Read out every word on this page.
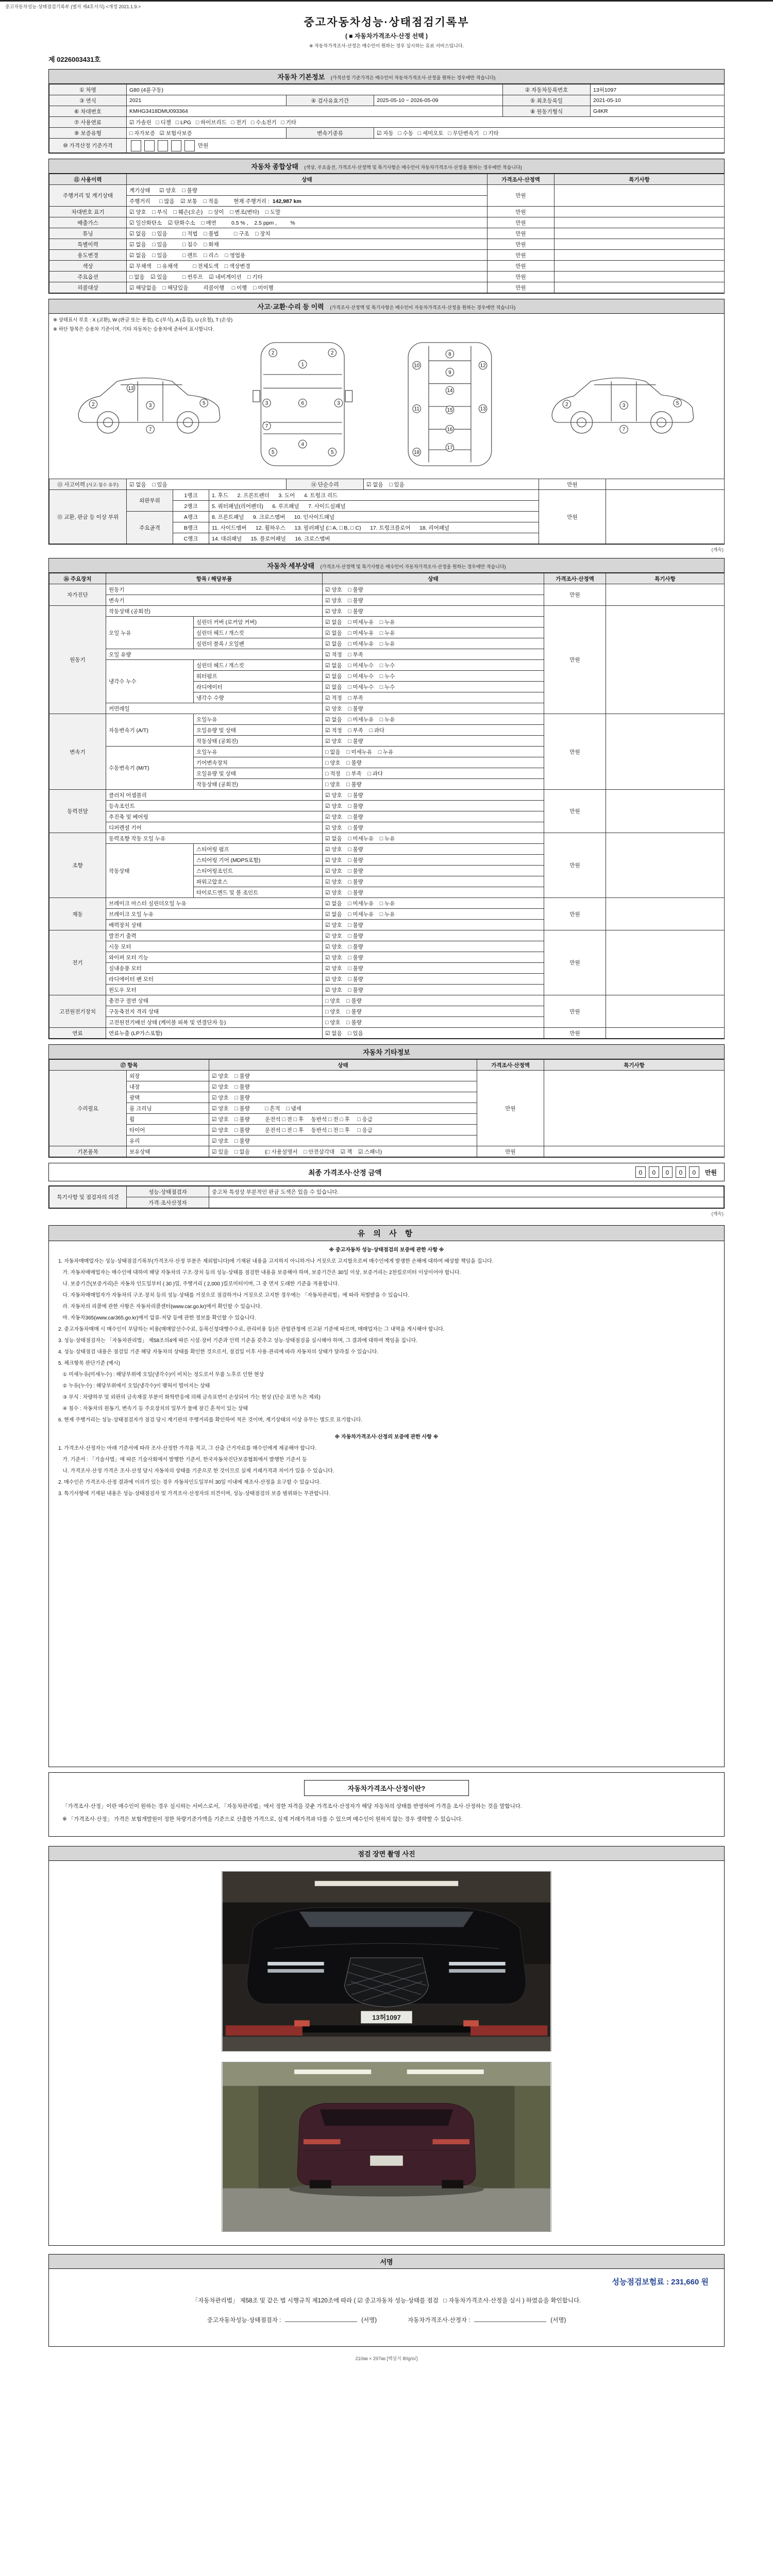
중고자동차성능·상태점검기록부 (별지 제4호서식) <개정 2021.1.9.>
중고자동차성능·상태점검기록부
( ■ 자동차가격조사·산정 선택 )
※ 자동차가격조사·산정은 매수인이 원하는 경우 실시하는 유료 서비스입니다.
제 0226003431호
자동차 기본정보 (가격산정 기준가격은 매수인이 자동차가격조사·산정을 원하는 경우에만 적습니다)
① 차명	G80 (4륜구동)			② 자동차등록번호	13허1097
③ 연식	2021	④ 검사유효기간	2025-05-10 ~ 2026-05-09	⑤ 최초등록일	2021-05-10
⑥ 차대번호	KMHG3418DMU093364			⑧ 원동기형식	G4KR
⑦ 사용연료	☑ 가솔린   □ 디젤   □ LPG   □ 하이브리드   □ 전기   □ 수소전기   □ 기타				
⑨ 보증유형	□ 자가보증   ☑ 보험사보증	변속기종류	☑ 자동   □ 수동   □ 세미오토   □ 무단변속기   □ 기타		
⑩ 가격산정 기준가격	만원				
자동차 종합상태 (색상, 주요옵션, 가격조사·산정액 및 특기사항은 매수인이 자동차가격조사·산정을 원하는 경우에만 적습니다)
⑪ 사용이력	상태	가격조사·산정액	특기사항
주행거리 및 계기상태	계기상태      ☑ 양호    □ 불량	만원	
	주행거리      □ 많음    ☑ 보통    □ 적음          현재 주행거리 :  142,987 km		
차대번호 표기	☑ 양호    □ 부식    □ 훼손(오손)    □ 상이    □ 변조(변타)    □ 도말	만원	
배출가스	☑ 일산화탄소    ☑ 탄화수소    □ 매연          0.5 % ,    2.5 ppm ,         %	만원	
튜닝	☑ 없음    □ 있음          □ 적법    □ 불법          □ 구조    □ 장치	만원	
특별이력	☑ 없음    □ 있음          □ 침수    □ 화재	만원	
용도변경	☑ 없음    □ 있음          □ 렌트    □ 리스    □ 영업용	만원	
색상	☑ 무채색    □ 유채색          □ 전체도색    □ 색상변경	만원	
주요옵션	□ 없음    ☑ 있음          □ 썬루프    ☑ 네비게이션    □ 기타	만원	
리콜대상	☑ 해당없음    □ 해당있음          리콜이행     □ 이행    □ 미이행	만원	
사고·교환·수리 등 이력 (가격조사·산정액 및 특기사항은 매수인이 자동차가격조사·산정을 원하는 경우에만 적습니다)
※ 상태표시 부호 : X (교환), W (판금 또는 용접), C (부식), A (흠집), U (요철), T (손상)
※ 하단 항목은 승용차 기준이며, 기타 자동차는 승용차에 준하여 표시합니다.
2	3	5
7
13
1
2	2
3	3
6
4
5	5
7
8
9
10	12
11	13
14
15
16
17
18
2	3	5
7
⑬ 사고이력 (사고·침수 유무)	☑ 없음    □ 있음	⑭ 단순수리	☑ 없음    □ 있음	만원	
⑮ 교환, 판금 등 이상 부위	외판부위	1랭크	1. 후드      2. 프론트펜더      3. 도어      4. 트렁크 리드	만원	
		2랭크	5. 쿼터패널(리어펜더)      6. 루프패널      7. 사이드실패널		
	주요골격	A랭크	8. 프론트패널      9. 크로스멤버      10. 인사이드패널		
		B랭크	11. 사이드멤버      12. 휠하우스      13. 필러패널 (□ A, □ B, □ C)      17. 트렁크플로어      18. 리어패널		
		C랭크	14. 대쉬패널      15. 플로어패널      16. 크로스멤버		
(계속)
자동차 세부상태 (가격조사·산정액 및 특기사항은 매수인이 자동차가격조사·산정을 원하는 경우에만 적습니다)
⑯ 주요장치	항목 / 해당부품		상태	가격조사·산정액	특기사항
자가진단	원동기		☑ 양호    □ 불량	만원	
	변속기		☑ 양호    □ 불량		
원동기	작동상태 (공회전)		☑ 양호    □ 불량	만원	
	오일 누유	실린더 커버 (로커암 커버)	☑ 없음    □ 미세누유    □ 누유		
		실린더 헤드 / 개스킷	☑ 없음    □ 미세누유    □ 누유		
		실린더 블록 / 오일팬	☑ 없음    □ 미세누유    □ 누유		
	오일 유량		☑ 적정    □ 부족		
	냉각수 누수	실린더 헤드 / 개스킷	☑ 없음    □ 미세누수    □ 누수		
		워터펌프	☑ 없음    □ 미세누수    □ 누수		
		라디에이터	☑ 없음    □ 미세누수    □ 누수		
		냉각수 수량	☑ 적정    □ 부족		
	커먼레일		☑ 양호    □ 불량		
변속기	자동변속기 (A/T)	오일누유	☑ 없음    □ 미세누유    □ 누유	만원	
		오일유량 및 상태	☑ 적정    □ 부족    □ 과다		
		작동상태 (공회전)	☑ 양호    □ 불량		
	수동변속기 (M/T)	오일누유	□ 없음    □ 미세누유    □ 누유		
		기어변속장치	□ 양호    □ 불량		
		오일유량 및 상태	□ 적정    □ 부족    □ 과다		
		작동상태 (공회전)	□ 양호    □ 불량		
동력전달	클러치 어셈블리		☑ 양호    □ 불량	만원	
	등속조인트		☑ 양호    □ 불량		
	추진축 및 베어링		☑ 양호    □ 불량		
	디퍼렌셜 기어		☑ 양호    □ 불량		
조향	동력조향 작동 오일 누유		☑ 없음    □ 미세누유    □ 누유	만원	
	작동상태	스티어링 펌프	☑ 양호    □ 불량		
		스티어링 기어 (MDPS포함)	☑ 양호    □ 불량		
		스티어링조인트	☑ 양호    □ 불량		
		파워고압호스	☑ 양호    □ 불량		
		타이로드엔드 및 볼 조인트	☑ 양호    □ 불량		
제동	브레이크 마스터 실린더오일 누유		☑ 없음    □ 미세누유    □ 누유	만원	
	브레이크 오일 누유		☑ 없음    □ 미세누유    □ 누유		
	배력장치 상태		☑ 양호    □ 불량		
전기	발전기 출력		☑ 양호    □ 불량	만원	
	시동 모터		☑ 양호    □ 불량		
	와이퍼 모터 기능		☑ 양호    □ 불량		
	실내송풍 모터		☑ 양호    □ 불량		
	라디에이터 팬 모터		☑ 양호    □ 불량		
	윈도우 모터		☑ 양호    □ 불량		
고전원전기장치	충전구 절연 상태		□ 양호    □ 불량	만원	
	구동축전지 격리 상태		□ 양호    □ 불량		
	고전원전기배선 상태 (케이블 피복 및 연결단자 등)		□ 양호    □ 불량		
연료	연료누출 (LP가스포함)		☑ 없음    □ 있음	만원	
자동차 기타정보
⑰ 항목		상태	가격조사·산정액	특기사항
수리필요	외장	☑ 양호    □ 불량	만원	
	내장	☑ 양호    □ 불량		
	광택	☑ 양호    □ 불량		
	룸 크리닝	☑ 양호    □ 불량          □ 흔적    □ 냄새		
	휠	☑ 양호    □ 불량          운전석 □ 전 □ 후     동반석 □ 전 □ 후     □ 응급		
	타이어	☑ 양호    □ 불량          운전석 □ 전 □ 후     동반석 □ 전 □ 후     □ 응급		
	유리	☑ 양호    □ 불량		
기본품목	보유상태	☑ 있음    □ 없음          (□ 사용설명서    □ 안전삼각대    ☑ 잭    ☑ 스패너)	만원	
최종 가격조사·산정 금액	0	0	0	0	0	만원
특기사항 및 점검자의 의견	성능·상태점검자	중고차 특성상 부분적인 판금 도색은 있을 수 있습니다.
	가격·조사산정자	
(계속)
유 의 사 항

※ 중고자동차 성능·상태점검의 보증에 관한 사항 ※

1. 자동차매매업자는 성능·상태점검기록부(가격조사·산정 부분은 제외합니다)에 기재된 내용을 고지하지 아니하거나 거짓으로 고지함으로써 매수인에게 발생한 손해에 대하여 배상할 책임을 집니다.

가. 자동차매매업자는 매수인에 대하여 해당 자동차의 구조·장치 등의 성능·상태를 점검한 내용을 보증해야 하며, 보증기간은 30일 이상, 보증거리는 2천킬로미터 이상이어야 합니다.

나. 보증기간(보증거리)은 자동차 인도일부터 ( 30 )일, 주행거리 ( 2,000 )킬로미터이며, 그 중 먼저 도래한 기준을 적용합니다.

다. 자동차매매업자가 자동차의 구조·장치 등의 성능·상태를 거짓으로 점검하거나 거짓으로 고지한 경우에는 「자동차관리법」에 따라 처벌받을 수 있습니다.

라. 자동차의 리콜에 관한 사항은 자동차리콜센터(www.car.go.kr)에서 확인할 수 있습니다.

마. 자동차365(www.car365.go.kr)에서 압류·저당 등에 관한 정보를 확인할 수 있습니다.

2. 중고자동차매매 시 매수인이 부담하는 비용(매매알선수수료, 등록신청대행수수료, 관리비용 등)은 관할관청에 신고된 기준에 따르며, 매매업자는 그 내역을 게시해야 합니다.

3. 성능·상태점검자는 「자동차관리법」 제58조의4에 따른 시설·장비 기준과 인력 기준을 갖추고 성능·상태점검을 실시해야 하며, 그 결과에 대하여 책임을 집니다.

4. 성능·상태점검 내용은 점검일 기준 해당 자동차의 상태를 확인한 것으로서, 점검일 이후 사용·관리에 따라 자동차의 상태가 달라질 수 있습니다.

5. 체크항목 판단기준 (예시)

① 미세누유(미세누수) : 해당부위에 오일(냉각수)이 비치는 정도로서 부품 노후로 인한 현상

② 누유(누수) : 해당부위에서 오일(냉각수)이 맺혀서 떨어지는 상태

③ 부식 : 차량하부 및 외판의 금속재질 부분이 화학반응에 의해 금속표면이 손상되어 가는 현상 (단순 표면 녹은 제외)

④ 침수 : 자동차의 원동기, 변속기 등 주요장치의 일부가 물에 잠긴 흔적이 있는 상태

6. 현재 주행거리는 성능·상태점검자가 점검 당시 계기판의 주행거리를 확인하여 적은 것이며, 계기상태의 이상 유무는 별도로 표기합니다.

※ 자동차가격조사·산정의 보증에 관한 사항 ※

1. 가격조사·산정자는 아래 기준서에 따라 조사·산정한 가격을 적고, 그 산출 근거자료를 매수인에게 제공해야 합니다.

가. 기준서 : 「기술사법」에 따른 기술사회에서 발행한 기준서, 한국자동차진단보증협회에서 발행한 기준서 등

나. 가격조사·산정 가격은 조사·산정 당시 자동차의 상태를 기준으로 한 것이므로 실제 거래가격과 차이가 있을 수 있습니다.

2. 매수인은 가격조사·산정 결과에 이의가 있는 경우 자동차인도일부터 30일 이내에 재조사·산정을 요구할 수 있습니다.

3. 특기사항에 기재된 내용은 성능·상태점검자 및 가격조사·산정자의 의견이며, 성능·상태점검의 보증 범위와는 무관합니다.

자동차가격조사·산정이란?

「가격조사·산정」이란 매수인이 원하는 경우 실시하는 서비스로서, 「자동차관리법」에서 정한 자격을 갖춘 가격조사·산정자가 해당 자동차의 상태를 반영하여 가격을 조사·산정하는 것을 말합니다.

※ 「가격조사·산정」 가격은 보험개발원이 정한 차량기준가액을 기준으로 산출한 가격으로, 실제 거래가격과 다를 수 있으며 매수인이 원하지 않는 경우 생략할 수 있습니다.

점검 장면 촬영 사진
13허1097
서명
성능점검보험료 : 231,660 원

「자동차관리법」 제58조 및 같은 법 시행규칙 제120조에 따라 ( ☑ 중고자동차 성능·상태를 점검   □ 자동차가격조사·산정을 실시 ) 하였음을 확인합니다.

중고자동차성능·상태점검자 :	(서명)	자동차가격조사·산정자 :	(서명)
210㎜ × 297㎜ [백상지 80g/㎡]
